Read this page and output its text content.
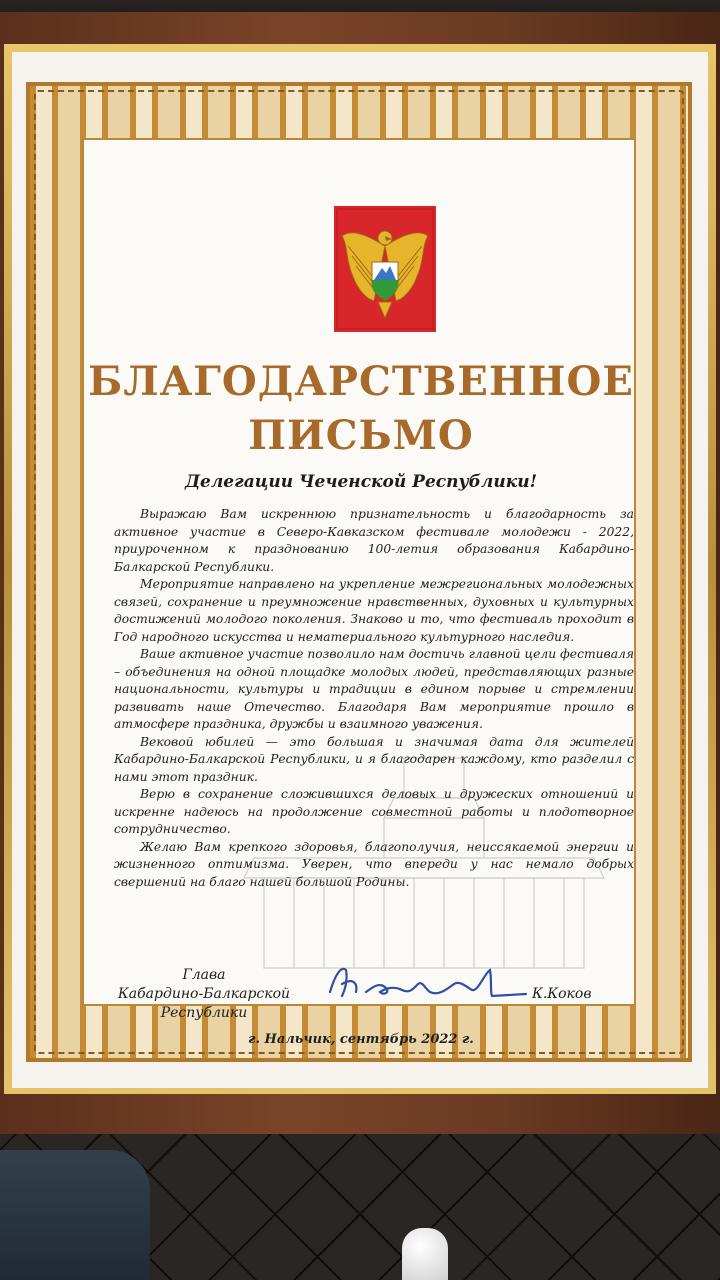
БЛАГОДАРСТВЕННОЕ
ПИСЬМО
Делегации Чеченской Республики!

Выражаю Вам искреннюю признательность и благодарность за активное участие в Северо-Кавказском фестивале молодежи - 2022, приуроченном к празднованию 100-летия образования Кабардино-Балкарской Республики.

Мероприятие направлено на укрепление межрегиональных молодежных связей, сохранение и преумножение нравственных, духовных и культурных достижений молодого поколения. Знаково и то, что фестиваль проходит в Год народного искусства и нематериального культурного наследия.

Ваше активное участие позволило нам достичь главной цели фестиваля – объединения на одной площадке молодых людей, представляющих разные национальности, культуры и традиции в едином порыве и стремлении развивать наше Отечество. Благодаря Вам мероприятие прошло в атмосфере праздника, дружбы и взаимного уважения.

Вековой юбилей — это большая и значимая дата для жителей Кабардино-Балкарской Республики, и я благодарен каждому, кто разделил с нами этот праздник.

Верю в сохранение сложившихся деловых и дружеских отношений и искренне надеюсь на продолжение совместной работы и плодотворное сотрудничество.

Желаю Вам крепкого здоровья, благополучия, неиссякаемой энергии и жизненного оптимизма. Уверен, что впереди у нас немало добрых свершений на благо нашей большой Родины.

Глава
Кабардино-Балкарской
Республики
К.Коков
г. Нальчик, сентябрь 2022 г.
